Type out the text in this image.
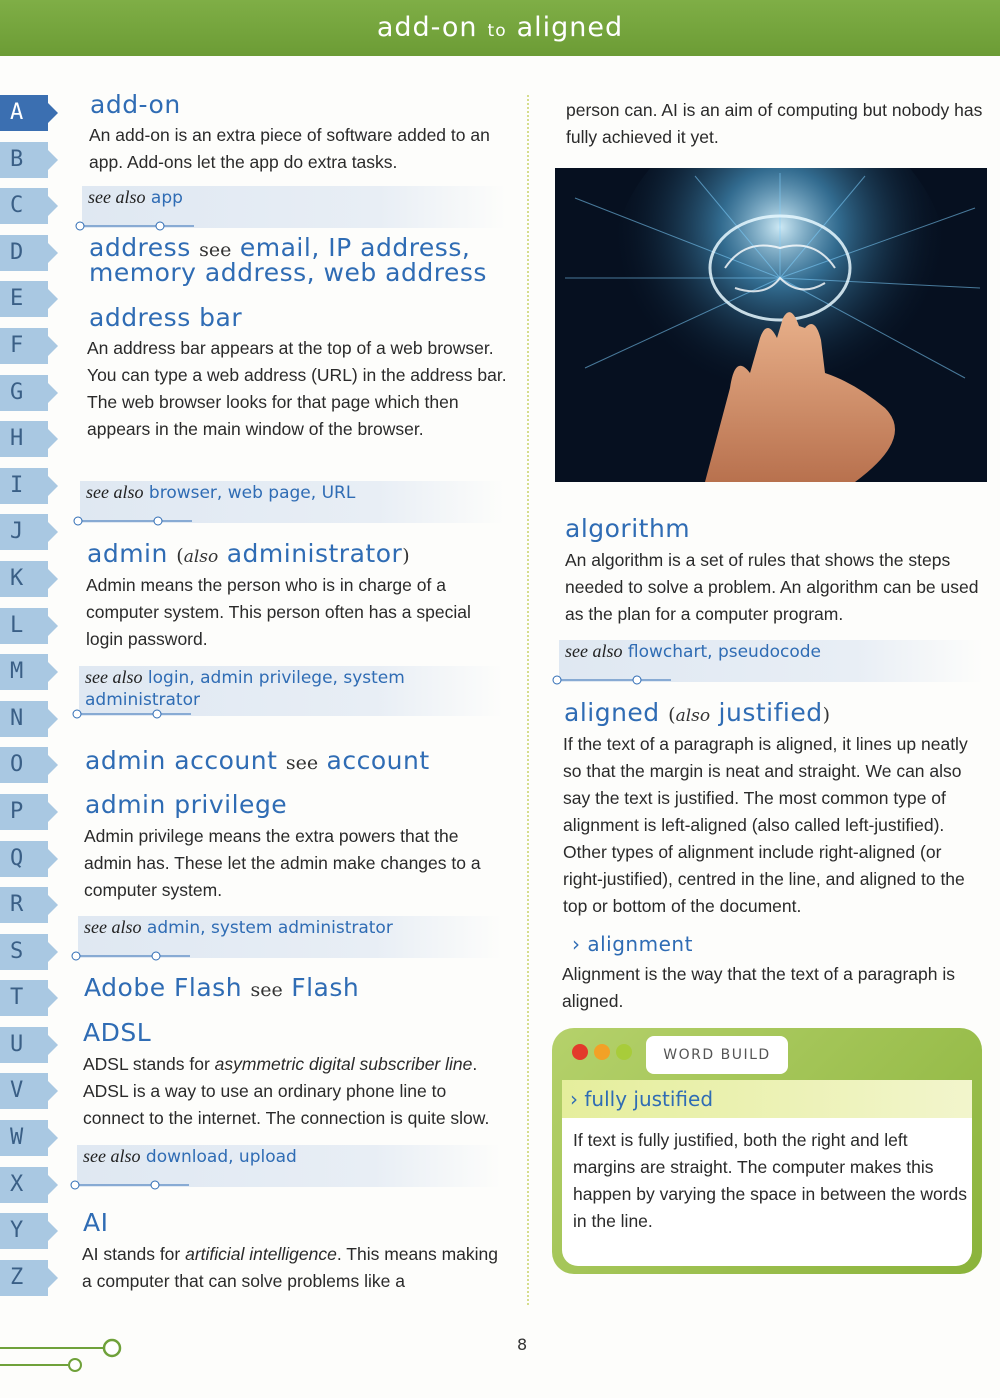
add-on to aligned
A
B
C
D
E
F
G
H
I
J
K
L
M
N
O
P
Q
R
S
T
U
V
W
X
Y
Z
add-on
An add-on is an extra piece of software added to an app. Add-ons let the app do extra tasks.
see also app
address see email, IP address,
memory address, web address
address bar
An address bar appears at the top of a web browser. You can type a web address (URL) in the address bar. The web browser looks for that page which then appears in the main window of the browser.
see also browser, web page, URL
admin (also administrator)
Admin means the person who is in charge of a computer system. This person often has a special login password.
see also login, admin privilege, system administrator
admin account see account
admin privilege
Admin privilege means the extra powers that the admin has. These let the admin make changes to a computer system.
see also admin, system administrator
Adobe Flash see Flash
ADSL
ADSL stands for asymmetric digital subscriber line. ADSL is a way to use an ordinary phone line to connect to the internet. The connection is quite slow.
see also download, upload
AI
AI stands for artificial intelligence. This means making a computer that can solve problems like a
person can. AI is an aim of computing but nobody has fully achieved it yet.
algorithm
An algorithm is a set of rules that shows the steps needed to solve a problem. An algorithm can be used as the plan for a computer program.
see also flowchart, pseudocode
aligned (also justified)
If the text of a paragraph is aligned, it lines up neatly so that the margin is neat and straight. We can also say the text is justified. The most common type of alignment is left-aligned (also called left-justified). Other types of alignment include right-aligned (or right-justified), centred in the line, and aligned to the top or bottom of the document.
› alignment
Alignment is the way that the text of a paragraph is aligned.
WORD BUILD
› fully justified
If text is fully justified, both the right and left margins are straight. The computer makes this happen by varying the space in between the words in the line.
8
